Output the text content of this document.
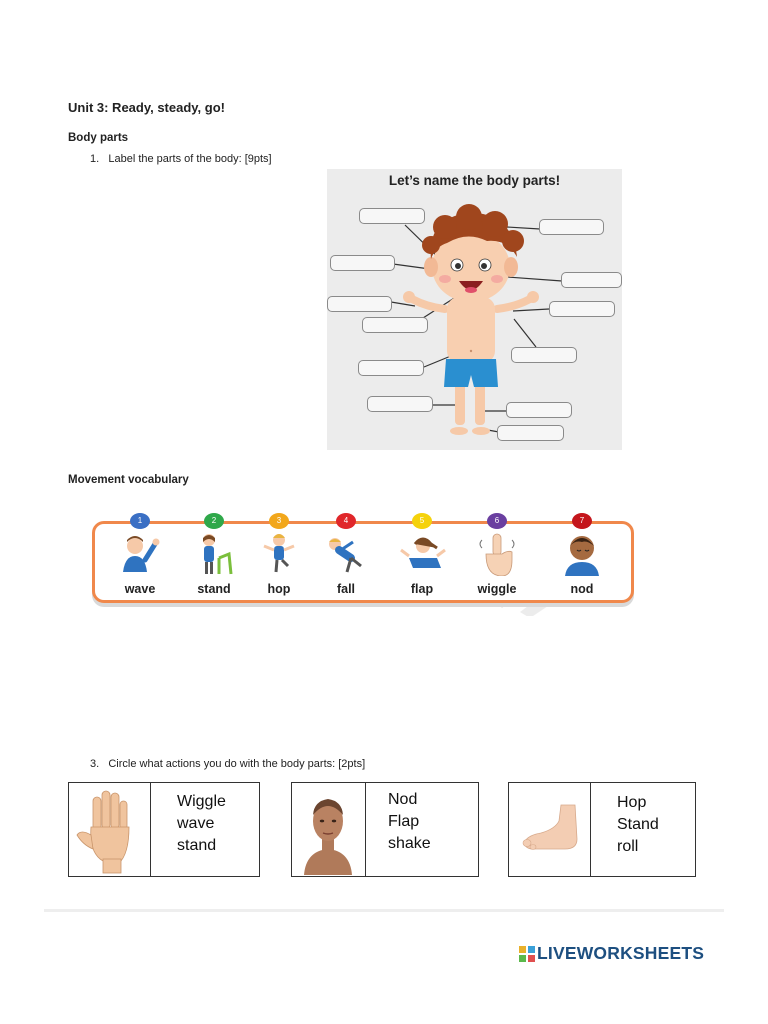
Unit 3: Ready, steady, go!
Body parts
1.   Label the parts of the body: [9pts]
Let’s name the body parts!
Movement vocabulary
1
wave
2
stand
3
hop
4
fall
5
flap
6
wiggle
7
nod
3.   Circle what actions you do with the body parts: [2pts]
Wiggle
wave
stand
Nod
Flap
shake
Hop
Stand
roll
LIVEWORKSHEETS
